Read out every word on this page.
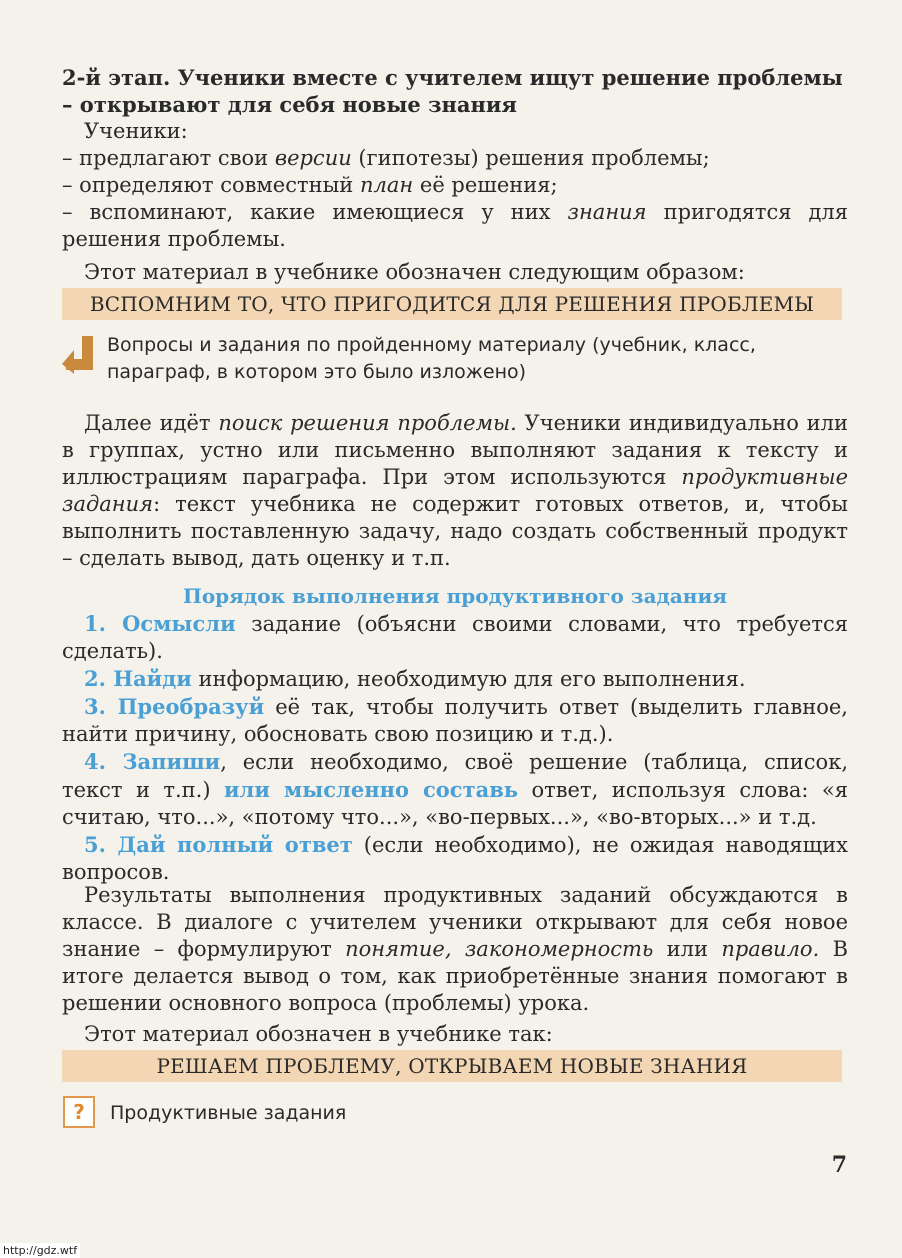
2-й этап. Ученики вместе с учителем ищут решение проблемы – открывают для себя новые знания

Ученики:

– предлагают свои версии (гипотезы) решения проблемы;

– определяют совместный план её решения;

– вспоминают, какие имеющиеся у них знания пригодятся для решения проблемы.

Этот материал в учебнике обозначен следующим образом:

ВСПОМНИМ ТО, ЧТО ПРИГОДИТСЯ ДЛЯ РЕШЕНИЯ ПРОБЛЕМЫ

Вопросы и задания по пройденному материалу (учебник, класс, параграф, в котором это было изложено)

Далее идёт поиск решения проблемы. Ученики индивидуально или в группах, устно или письменно выполняют задания к тексту и иллюстрациям параграфа. При этом используются продуктивные задания: текст учебника не содержит готовых ответов, и, чтобы выполнить поставленную задачу, надо создать собственный продукт – сделать вывод, дать оценку и т.п.

Порядок выполнения продуктивного задания

1. Осмысли задание (объясни своими словами, что требуется сделать).

2. Найди информацию, необходимую для его выполнения.

3. Преобразуй её так, чтобы получить ответ (выделить главное, найти причину, обосновать свою позицию и т.д.).

4. Запиши, если необходимо, своё решение (таблица, список, текст и т.п.) или мысленно составь ответ, используя слова: «я считаю, что...», «потому что...», «во-первых...», «во-вторых...» и т.д.

5. Дай полный ответ (если необходимо), не ожидая наводящих вопросов.

Результаты выполнения продуктивных заданий обсуждаются в классе. В диалоге с учителем ученики открывают для себя новое знание – формулируют понятие, закономерность или правило. В итоге делается вывод о том, как приобретённые знания помогают в решении основного вопроса (проблемы) урока.

Этот материал обозначен в учебнике так:

РЕШАЕМ ПРОБЛЕМУ, ОТКРЫВАЕМ НОВЫЕ ЗНАНИЯ
?	Продуктивные задания
7
http://gdz.wtf
